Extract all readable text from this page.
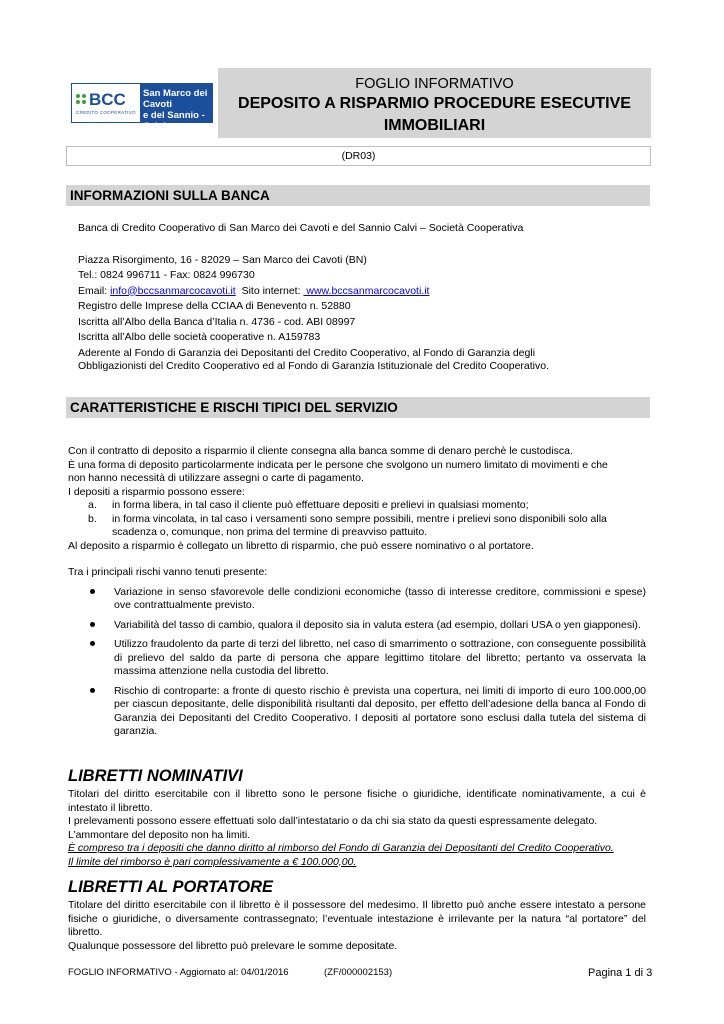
BCC
CREDITO COOPERATIVO
San Marco dei Cavoti
e del Sannio - Calvi
FOGLIO INFORMATIVO
DEPOSITO A RISPARMIO PROCEDURE ESECUTIVE
IMMOBILIARI
(DR03)
INFORMAZIONI SULLA BANCA
Banca di Credito Cooperativo di San Marco dei Cavoti e del Sannio Calvi – Società Cooperativa
Piazza Risorgimento, 16 - 82029 – San Marco dei Cavoti (BN)
Tel.: 0824 996711 - Fax: 0824 996730
Email: info@bccsanmarcocavoti.it  Sito internet:  www.bccsanmarcocavoti.it
Registro delle Imprese della CCIAA di Benevento n. 52880
Iscritta all’Albo della Banca d’Italia n. 4736 - cod. ABI 08997
Iscritta all’Albo delle società cooperative n. A159783
Aderente al Fondo di Garanzia dei Depositanti del Credito Cooperativo, al Fondo di Garanzia degli
Obbligazionisti del Credito Cooperativo ed al Fondo di Garanzia Istituzionale del Credito Cooperativo.
CARATTERISTICHE E RISCHI TIPICI DEL SERVIZIO
Con il contratto di deposito a risparmio il cliente consegna alla banca somme di denaro perchè le custodisca.
È una forma di deposito particolarmente indicata per le persone che svolgono un numero limitato di movimenti e che
non hanno necessità di utilizzare assegni o carte di pagamento.
I depositi a risparmio possono essere:
a.	in forma libera, in tal caso il cliente può effettuare depositi e prelievi in qualsiasi momento;
b.	in forma vincolata, in tal caso i versamenti sono sempre possibili, mentre i prelievi sono disponibili solo alla
scadenza o, comunque, non prima del termine di preavviso pattuito.
Al deposito a risparmio è collegato un libretto di risparmio, che può essere nominativo o al portatore.
Tra i principali rischi vanno tenuti presente:
Variazione in senso sfavorevole delle condizioni economiche (tasso di interesse creditore, commissioni e spese) ove contrattualmente previsto.
Variabilità del tasso di cambio, qualora il deposito sia in valuta estera (ad esempio, dollari USA o yen giapponesi).
Utilizzo fraudolento da parte di terzi del libretto, nel caso di smarrimento o sottrazione, con conseguente possibilità di prelievo del saldo da parte di persona che appare legittimo titolare del libretto; pertanto va osservata la massima attenzione nella custodia del libretto.
Rischio di controparte: a fronte di questo rischio è prevista una copertura, nei limiti di importo di euro 100.000,00 per ciascun depositante, delle disponibilità risultanti dal deposito, per effetto dell’adesione della banca al Fondo di Garanzia dei Depositanti del Credito Cooperativo. I depositi al portatore sono esclusi dalla tutela del sistema di garanzia.
LIBRETTI NOMINATIVI
Titolari del diritto esercitabile con il libretto sono le persone fisiche o giuridiche, identificate nominativamente, a cui è intestato il libretto.
I prelevamenti possono essere effettuati solo dall’intestatario o da chi sia stato da questi espressamente delegato.
L’ammontare del deposito non ha limiti.
È compreso tra i depositi che danno diritto al rimborso del Fondo di Garanzia dei Depositanti del Credito Cooperativo.
Il limite del rimborso è pari complessivamente a € 100.000,00.
LIBRETTI AL PORTATORE
Titolare del diritto esercitabile con il libretto è il possessore del medesimo. Il libretto può anche essere intestato a persone fisiche o giuridiche, o diversamente contrassegnato; l’eventuale intestazione è irrilevante per la natura “al portatore” del libretto.
Qualunque possessore del libretto può prelevare le somme depositate.
FOGLIO INFORMATIVO - Aggiornato al: 04/01/2016	(ZF/000002153)	Pagina 1 di 3
